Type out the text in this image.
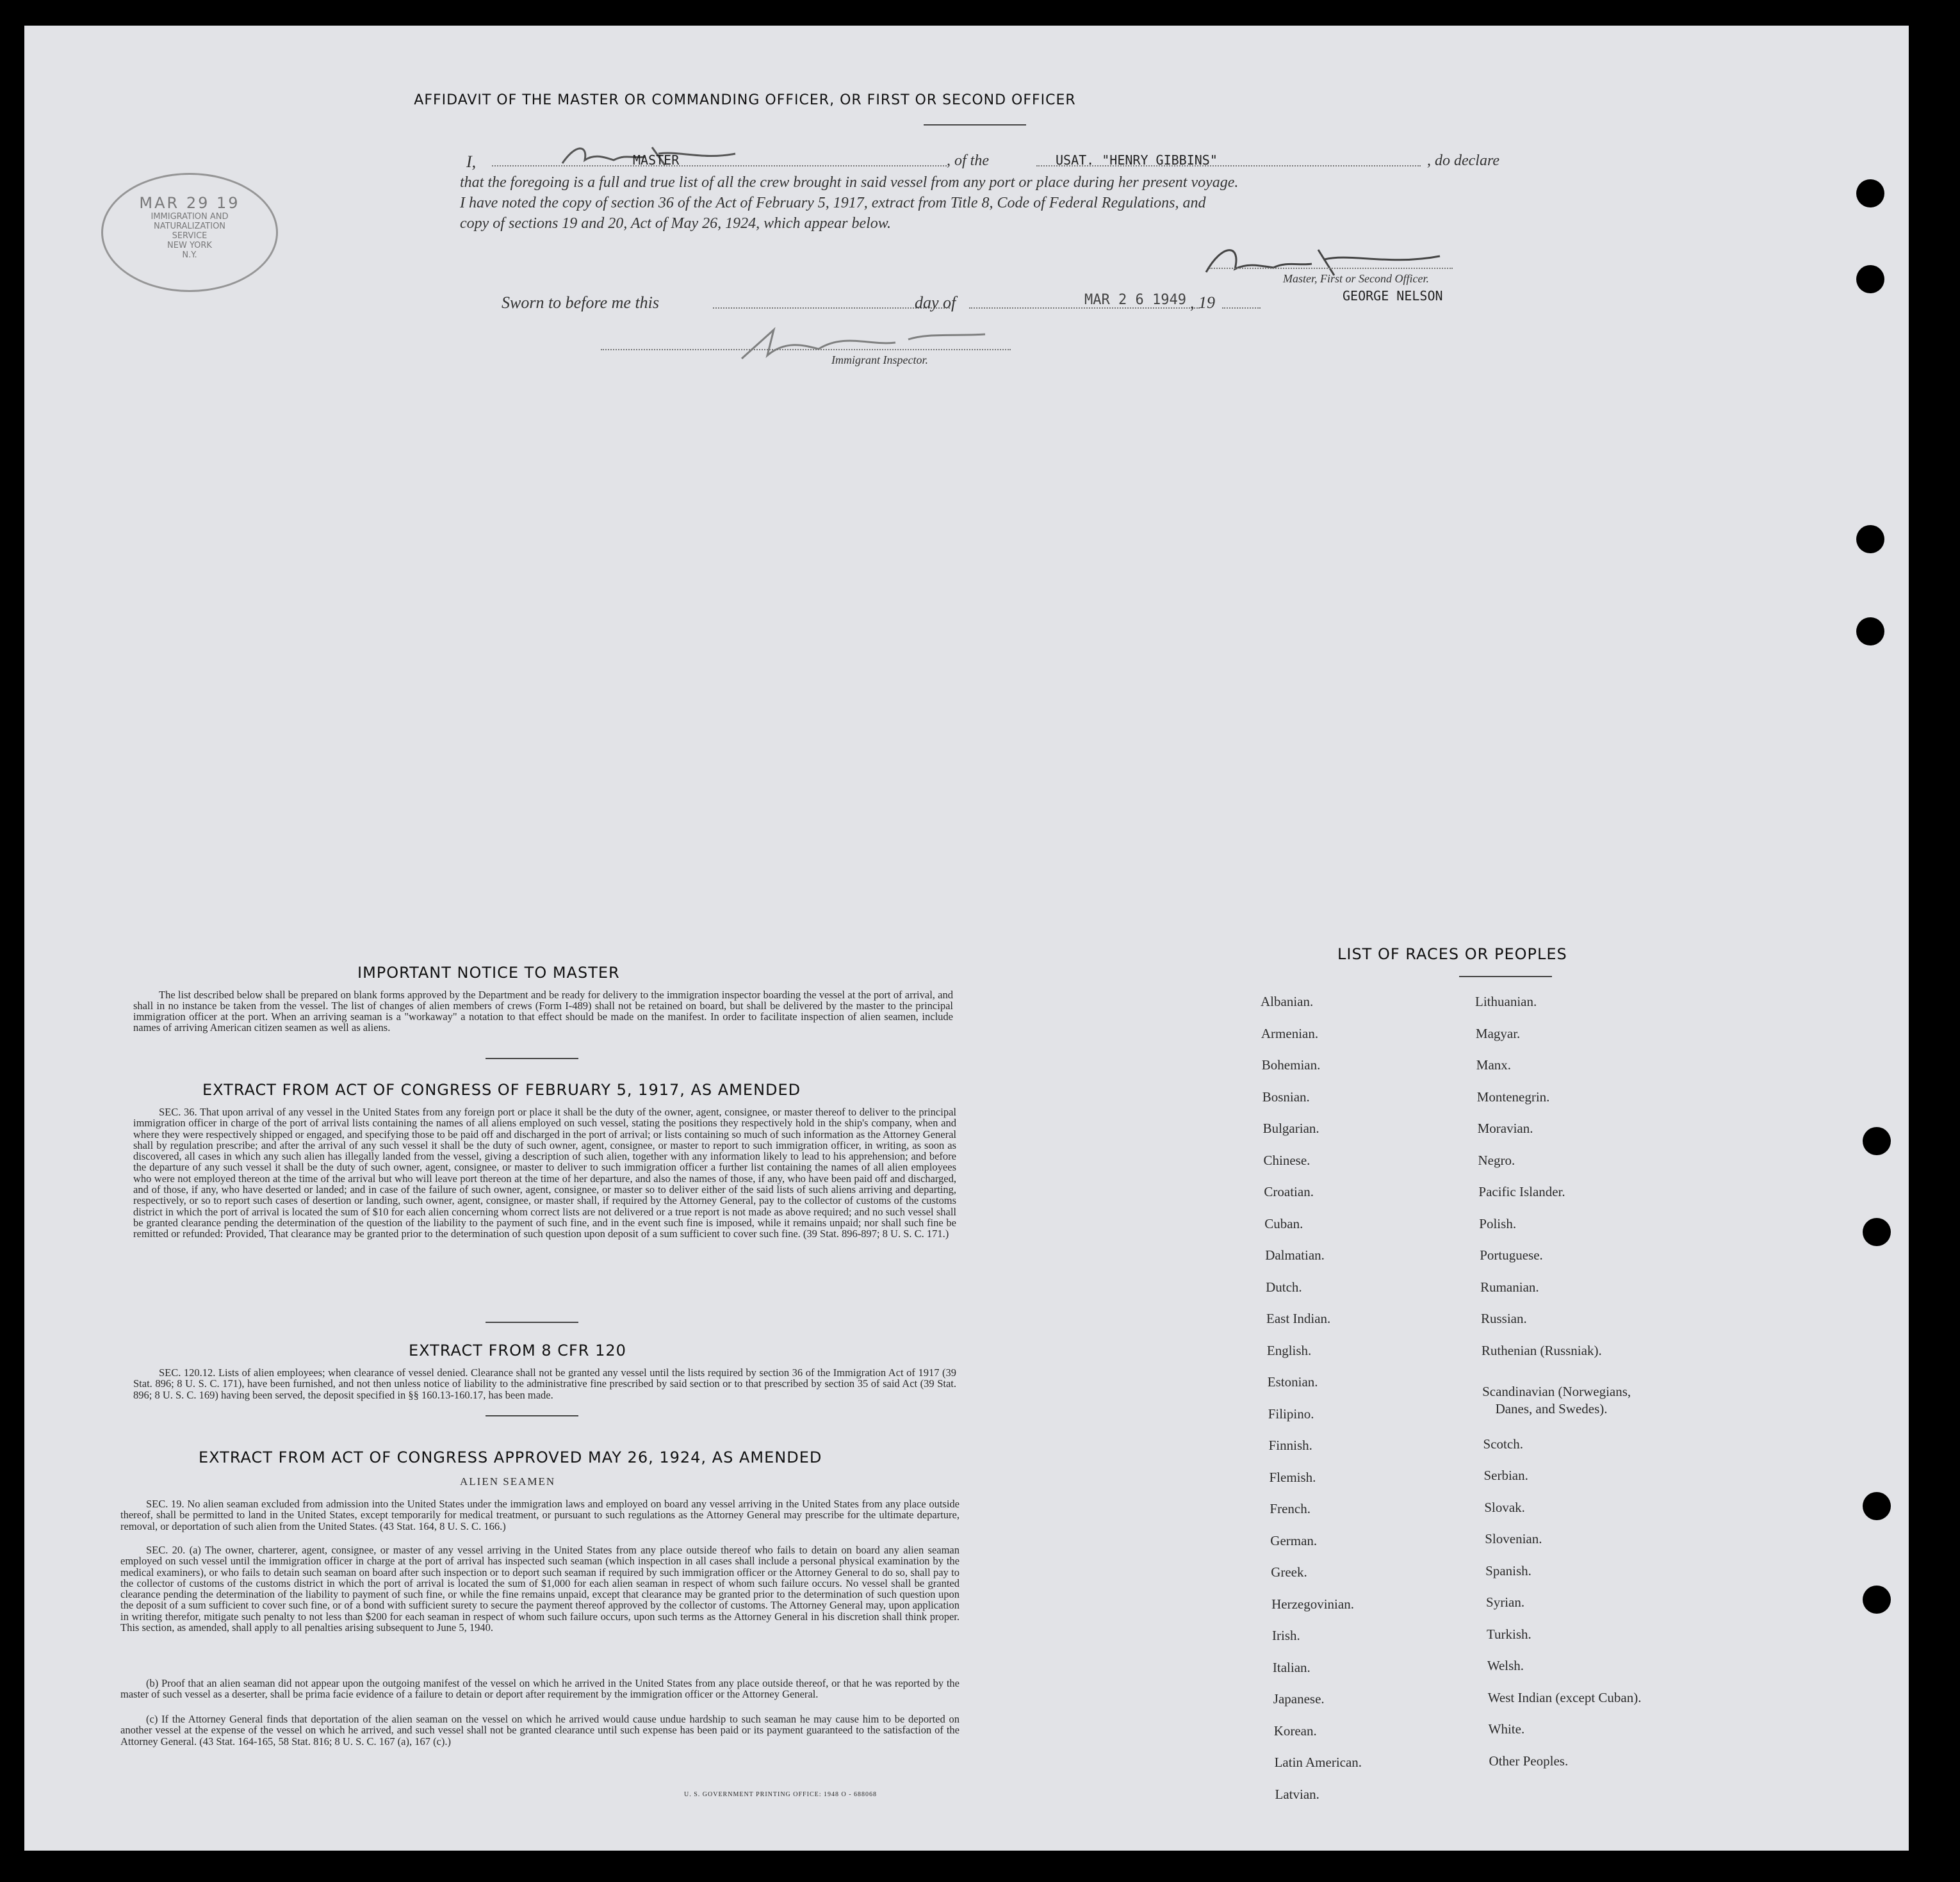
AFFIDAVIT OF THE MASTER OR COMMANDING OFFICER, OR FIRST OR SECOND OFFICER
MAR 29 19
IMMIGRATION AND
NATURALIZATION
SERVICE
NEW YORK
N.Y.
I,	MASTER	, of the	USAT. "HENRY GIBBINS"	, do declare
that the foregoing is a full and true list of all the crew brought in said vessel from any port or place during her present voyage.
I have noted the copy of section 36 of the Act of February 5, 1917, extract from Title 8, Code of Federal Regulations, and
copy of sections 19 and 20, Act of May 26, 1924, which appear below.
Master, First or Second Officer.
GEORGE NELSON
Sworn to before me this	day of	MAR 2 6 1949 , 19
Immigrant Inspector.
IMPORTANT NOTICE TO MASTER
The list described below shall be prepared on blank forms approved by the Department and be ready for delivery to the immigration inspector boarding the vessel at the port of arrival, and shall in no instance be taken from the vessel. The list of changes of alien members of crews (Form I-489) shall not be retained on board, but shall be delivered by the master to the principal immigration officer at the port. When an arriving seaman is a "workaway" a notation to that effect should be made on the manifest. In order to facilitate inspection of alien seamen, include names of arriving American citizen seamen as well as aliens.
EXTRACT FROM ACT OF CONGRESS OF FEBRUARY 5, 1917, AS AMENDED
SEC. 36. That upon arrival of any vessel in the United States from any foreign port or place it shall be the duty of the owner, agent, consignee, or master thereof to deliver to the principal immigration officer in charge of the port of arrival lists containing the names of all aliens employed on such vessel, stating the positions they respectively hold in the ship's company, when and where they were respectively shipped or engaged, and specifying those to be paid off and discharged in the port of arrival; or lists containing so much of such information as the Attorney General shall by regulation prescribe; and after the arrival of any such vessel it shall be the duty of such owner, agent, consignee, or master to report to such immigration officer, in writing, as soon as discovered, all cases in which any such alien has illegally landed from the vessel, giving a description of such alien, together with any information likely to lead to his apprehension; and before the departure of any such vessel it shall be the duty of such owner, agent, consignee, or master to deliver to such immigration officer a further list containing the names of all alien employees who were not employed thereon at the time of the arrival but who will leave port thereon at the time of her departure, and also the names of those, if any, who have been paid off and discharged, and of those, if any, who have deserted or landed; and in case of the failure of such owner, agent, consignee, or master so to deliver either of the said lists of such aliens arriving and departing, respectively, or so to report such cases of desertion or landing, such owner, agent, consignee, or master shall, if required by the Attorney General, pay to the collector of customs of the customs district in which the port of arrival is located the sum of $10 for each alien concerning whom correct lists are not delivered or a true report is not made as above required; and no such vessel shall be granted clearance pending the determination of the question of the liability to the payment of such fine, and in the event such fine is imposed, while it remains unpaid; nor shall such fine be remitted or refunded: Provided, That clearance may be granted prior to the determination of such question upon deposit of a sum sufficient to cover such fine. (39 Stat. 896-897; 8 U. S. C. 171.)
EXTRACT FROM 8 CFR 120
SEC. 120.12. Lists of alien employees; when clearance of vessel denied. Clearance shall not be granted any vessel until the lists required by section 36 of the Immigration Act of 1917 (39 Stat. 896; 8 U. S. C. 171), have been furnished, and not then unless notice of liability to the administrative fine prescribed by said section or to that prescribed by section 35 of said Act (39 Stat. 896; 8 U. S. C. 169) having been served, the deposit specified in §§ 160.13-160.17, has been made.
EXTRACT FROM ACT OF CONGRESS APPROVED MAY 26, 1924, AS AMENDED
ALIEN SEAMEN
SEC. 19. No alien seaman excluded from admission into the United States under the immigration laws and employed on board any vessel arriving in the United States from any place outside thereof, shall be permitted to land in the United States, except temporarily for medical treatment, or pursuant to such regulations as the Attorney General may prescribe for the ultimate departure, removal, or deportation of such alien from the United States. (43 Stat. 164, 8 U. S. C. 166.)
SEC. 20. (a) The owner, charterer, agent, consignee, or master of any vessel arriving in the United States from any place outside thereof who fails to detain on board any alien seaman employed on such vessel until the immigration officer in charge at the port of arrival has inspected such seaman (which inspection in all cases shall include a personal physical examination by the medical examiners), or who fails to detain such seaman on board after such inspection or to deport such seaman if required by such immigration officer or the Attorney General to do so, shall pay to the collector of customs of the customs district in which the port of arrival is located the sum of $1,000 for each alien seaman in respect of whom such failure occurs. No vessel shall be granted clearance pending the determination of the liability to payment of such fine, or while the fine remains unpaid, except that clearance may be granted prior to the determination of such question upon the deposit of a sum sufficient to cover such fine, or of a bond with sufficient surety to secure the payment thereof approved by the collector of customs. The Attorney General may, upon application in writing therefor, mitigate such penalty to not less than $200 for each seaman in respect of whom such failure occurs, upon such terms as the Attorney General in his discretion shall think proper. This section, as amended, shall apply to all penalties arising subsequent to June 5, 1940.
(b) Proof that an alien seaman did not appear upon the outgoing manifest of the vessel on which he arrived in the United States from any place outside thereof, or that he was reported by the master of such vessel as a deserter, shall be prima facie evidence of a failure to detain or deport after requirement by the immigration officer or the Attorney General.
(c) If the Attorney General finds that deportation of the alien seaman on the vessel on which he arrived would cause undue hardship to such seaman he may cause him to be deported on another vessel at the expense of the vessel on which he arrived, and such vessel shall not be granted clearance until such expense has been paid or its payment guaranteed to the satisfaction of the Attorney General. (43 Stat. 164-165, 58 Stat. 816; 8 U. S. C. 167 (a), 167 (c).)
U. S. GOVERNMENT PRINTING OFFICE: 1948 O - 688068
LIST OF RACES OR PEOPLES
Albanian.
Armenian.
Bohemian.
Bosnian.
Bulgarian.
Chinese.
Croatian.
Cuban.
Dalmatian.
Dutch.
East Indian.
English.
Estonian.
Filipino.
Finnish.
Flemish.
French.
German.
Greek.
Herzegovinian.
Irish.
Italian.
Japanese.
Korean.
Latin American.
Latvian.
Lithuanian.
Magyar.
Manx.
Montenegrin.
Moravian.
Negro.
Pacific Islander.
Polish.
Portuguese.
Rumanian.
Russian.
Ruthenian (Russniak).
Scandinavian (Norwegians,
Danes, and Swedes).
Scotch.
Serbian.
Slovak.
Slovenian.
Spanish.
Syrian.
Turkish.
Welsh.
West Indian (except Cuban).
White.
Other Peoples.
